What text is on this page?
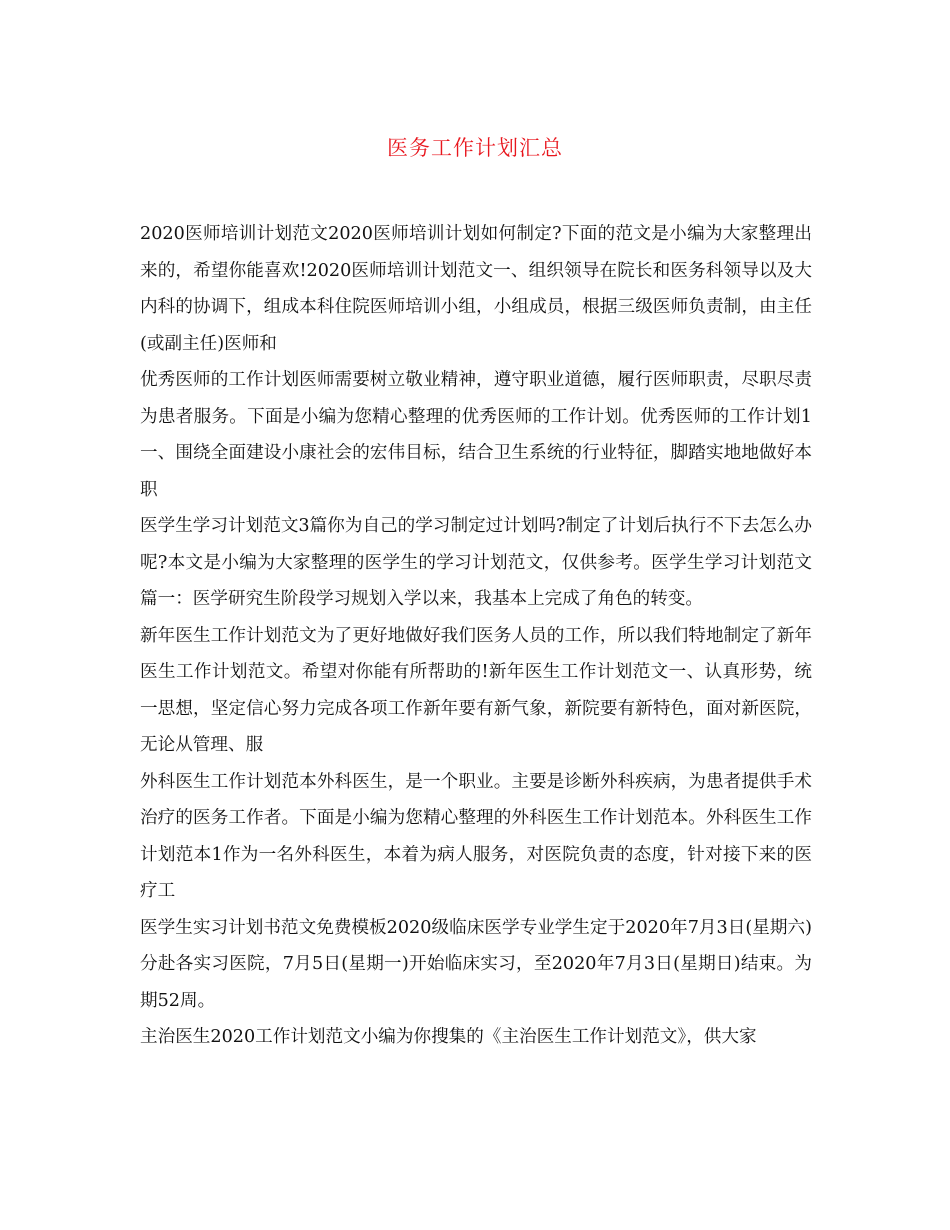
医务工作计划汇总

2020医师培训计划范文2020医师培训计划如何制定?下面的范文是小编为大家整理出来的，希望你能喜欢!2020医师培训计划范文一、组织领导在院长和医务科领导以及大内科的协调下，组成本科住院医师培训小组，小组成员，根据三级医师负责制，由主任(或副主任)医师和

优秀医师的工作计划医师需要树立敬业精神，遵守职业道德，履行医师职责，尽职尽责为患者服务。下面是小编为您精心整理的优秀医师的工作计划。优秀医师的工作计划1一、围绕全面建设小康社会的宏伟目标，结合卫生系统的行业特征，脚踏实地地做好本职

医学生学习计划范文3篇你为自己的学习制定过计划吗?制定了计划后执行不下去怎么办呢?本文是小编为大家整理的医学生的学习计划范文，仅供参考。医学生学习计划范文篇一：医学研究生阶段学习规划入学以来，我基本上完成了角色的转变。

新年医生工作计划范文为了更好地做好我们医务人员的工作，所以我们特地制定了新年医生工作计划范文。希望对你能有所帮助的!新年医生工作计划范文一、认真形势，统一思想，坚定信心努力完成各项工作新年要有新气象，新院要有新特色，面对新医院，无论从管理、服

外科医生工作计划范本外科医生，是一个职业。主要是诊断外科疾病，为患者提供手术治疗的医务工作者。下面是小编为您精心整理的外科医生工作计划范本。外科医生工作计划范本1作为一名外科医生，本着为病人服务，对医院负责的态度，针对接下来的医疗工

医学生实习计划书范文免费模板2020级临床医学专业学生定于2020年7月3日(星期六)分赴各实习医院，7月5日(星期一)开始临床实习，至2020年7月3日(星期日)结束。为期52周。

主治医生2020工作计划范文小编为你搜集的《主治医生工作计划范文》，供大家
